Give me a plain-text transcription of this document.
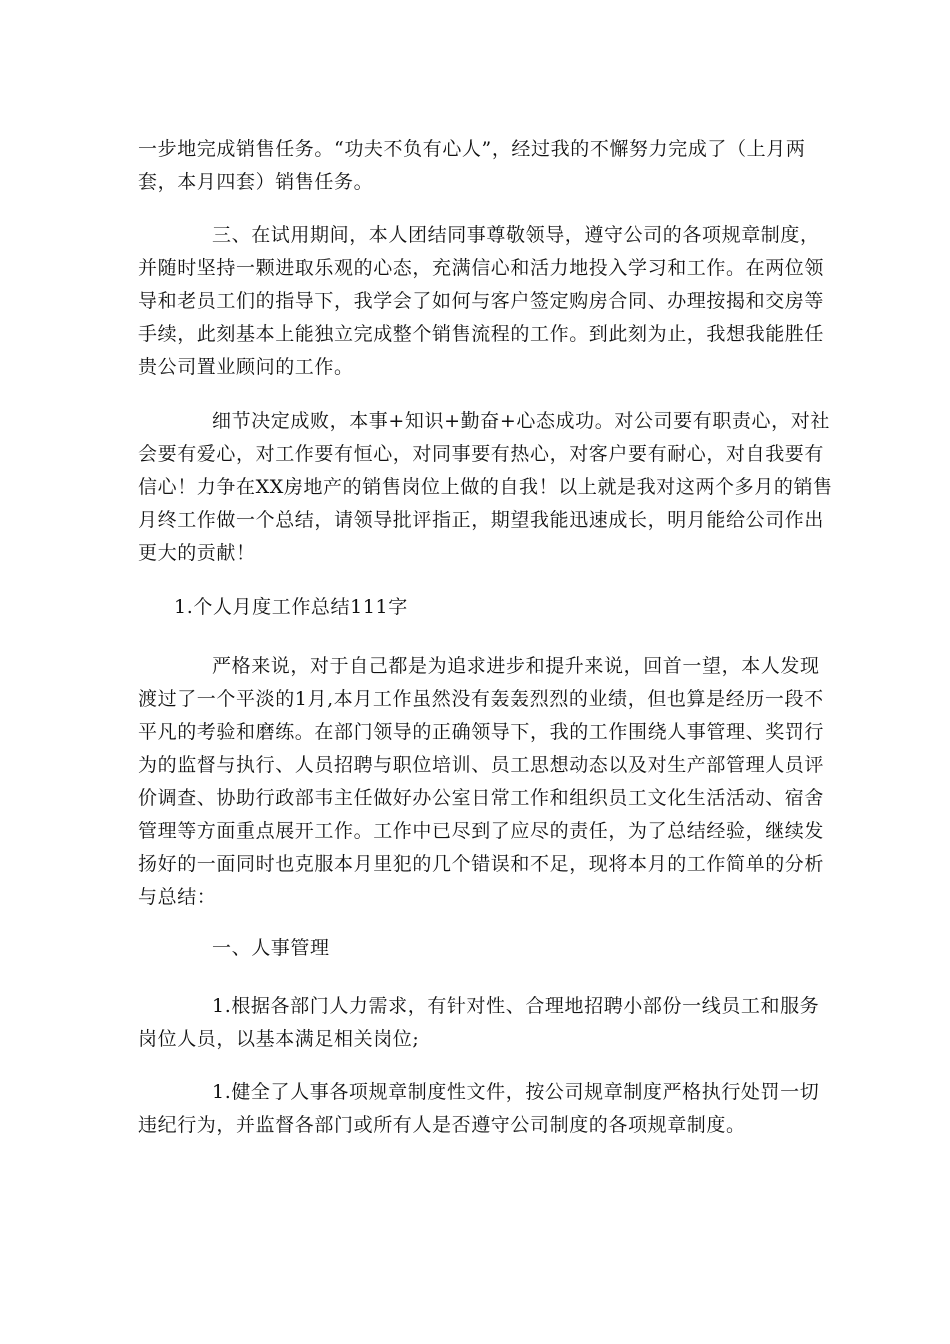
一步地完成销售任务。“功夫不负有心人”，经过我的不懈努力完成了（上月两
套，本月四套）销售任务。
三、在试用期间，本人团结同事尊敬领导，遵守公司的各项规章制度，
并随时坚持一颗进取乐观的心态，充满信心和活力地投入学习和工作。在两位领
导和老员工们的指导下，我学会了如何与客户签定购房合同、办理按揭和交房等
手续，此刻基本上能独立完成整个销售流程的工作。到此刻为止，我想我能胜任
贵公司置业顾问的工作。
细节决定成败，本事+知识+勤奋+心态成功。对公司要有职责心，对社
会要有爱心，对工作要有恒心，对同事要有热心，对客户要有耐心，对自我要有
信心！力争在XX房地产的销售岗位上做的自我！以上就是我对这两个多月的销售
月终工作做一个总结，请领导批评指正，期望我能迅速成长，明月能给公司作出
更大的贡献！
1.个人月度工作总结111字
严格来说，对于自己都是为追求进步和提升来说，回首一望，本人发现
渡过了一个平淡的1月,本月工作虽然没有轰轰烈烈的业绩，但也算是经历一段不
平凡的考验和磨练。在部门领导的正确领导下，我的工作围绕人事管理、奖罚行
为的监督与执行、人员招聘与职位培训、员工思想动态以及对生产部管理人员评
价调查、协助行政部韦主任做好办公室日常工作和组织员工文化生活活动、宿舍
管理等方面重点展开工作。工作中已尽到了应尽的责任，为了总结经验，继续发
扬好的一面同时也克服本月里犯的几个错误和不足，现将本月的工作简单的分析
与总结：
一、人事管理
1.根据各部门人力需求，有针对性、合理地招聘小部份一线员工和服务
岗位人员，以基本满足相关岗位;
1.健全了人事各项规章制度性文件，按公司规章制度严格执行处罚一切
违纪行为，并监督各部门或所有人是否遵守公司制度的各项规章制度。
